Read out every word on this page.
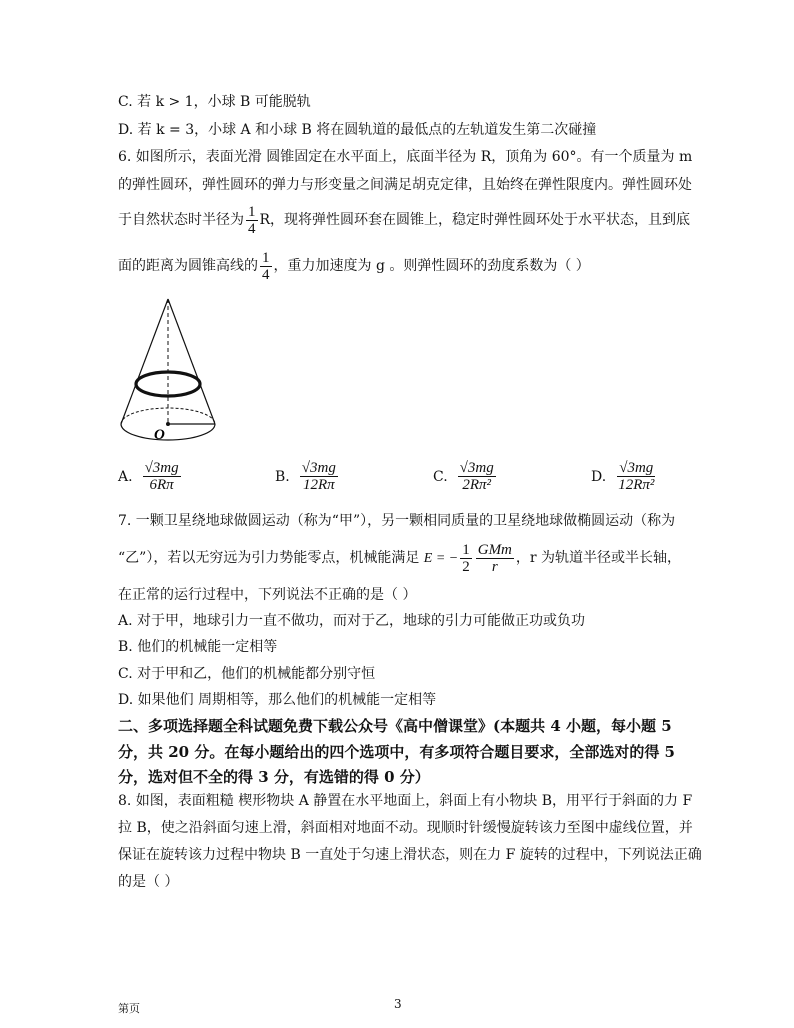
C. 若 k > 1，小球 B 可能脱轨
D. 若 k = 3，小球 A 和小球 B 将在圆轨道的最低点的左轨道发生第二次碰撞
6. 如图所示，表面光滑 圆锥固定在水平面上，底面半径为 R，顶角为 60°。有一个质量为 m
的弹性圆环，弹性圆环的弹力与形变量之间满足胡克定律，且始终在弹性限度内。弹性圆环处
于自然状态时半径为 $\frac{1}{4}$ R，现将弹性圆环套在圆锥上，稳定时弹性圆环处于水平状态，且到底
面的距离为圆锥高线的 $\frac{1}{4}$ ，重力加速度为 g 。则弹性圆环的劲度系数为（ ）
O
A. $\frac{√3mg}{6R\pi}$	B. $\frac{√3mg}{12R\pi}$	C. $\frac{√3mg}{\text{2Rπ²}}$	D. $\frac{√3mg}{\text{12Rπ²}}$
7. 一颗卫星绕地球做圆运动（称为“甲”），另一颗相同质量的卫星绕地球做椭圆运动（称为
“乙”），若以无穷远为引力势能零点，机械能满足 E = − $\frac{1}{2} \frac{\text{GMm}}{r}$ ，r 为轨道半径或半长轴，
在正常的运行过程中，下列说法不正确的是（ ）
A. 对于甲，地球引力一直不做功，而对于乙，地球的引力可能做正功或负功
B. 他们的机械能一定相等
C. 对于甲和乙，他们的机械能都分别守恒
D. 如果他们 周期相等，那么他们的机械能一定相等
二、多项选择题全科试题免费下载公众号《高中僧课堂》(本题共 4 小题，每小题 5
分，共 20 分。在每小题给出的四个选项中，有多项符合题目要求，全部选对的得 5
分，选对但不全的得 3 分，有选错的得 0 分）
8. 如图，表面粗糙 楔形物块 A 静置在水平地面上，斜面上有小物块 B，用平行于斜面的力 F
拉 B，使之沿斜面匀速上滑，斜面相对地面不动。现顺时针缓慢旋转该力至图中虚线位置，并
保证在旋转该力过程中物块 B 一直处于匀速上滑状态，则在力 F 旋转的过程中，下列说法正确
的是（ ）
第页	3
